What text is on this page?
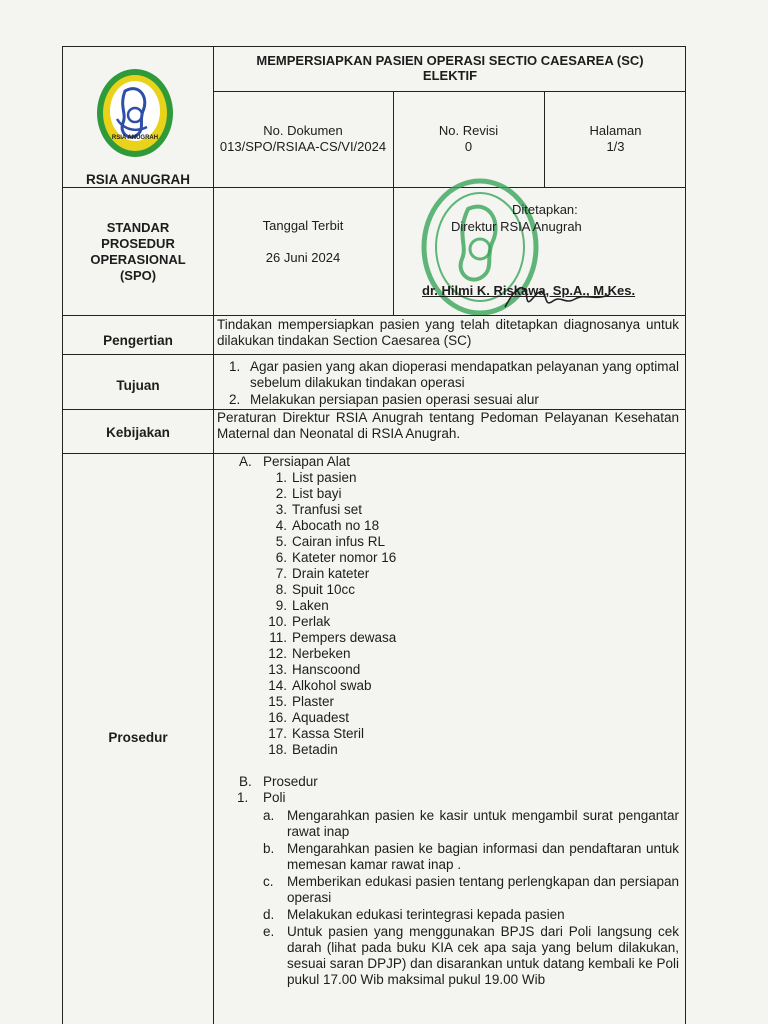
RSIA ANUGRAH
RSIA ANUGRAH
MEMPERSIAPKAN PASIEN OPERASI SECTIO CAESAREA (SC)
ELEKTIF
No. Dokumen
013/SPO/RSIAA-CS/VI/2024
No. Revisi
0
Halaman
1/3
STANDAR
PROSEDUR
OPERASIONAL
(SPO)
Tanggal Terbit
26 Juni 2024
Ditetapkan:
Direktur RSIA Anugrah
dr. Hilmi K. Riskawa, Sp.A., M.Kes.
Pengertian
Tindakan mempersiapkan pasien yang telah ditetapkan diagnosanya untuk dilakukan tindakan Section Caesarea (SC)
Tujuan
1. Agar pasien yang akan dioperasi mendapatkan pelayanan yang optimal sebelum dilakukan tindakan operasi
2. Melakukan persiapan pasien operasi sesuai alur
Kebijakan
Peraturan Direktur RSIA Anugrah tentang Pedoman Pelayanan Kesehatan Maternal dan Neonatal di RSIA Anugrah.
Prosedur
A. Persiapan Alat
1. List pasien
2. List bayi
3. Tranfusi set
4. Abocath no 18
5. Cairan infus RL
6. Kateter nomor 16
7. Drain kateter
8. Spuit 10cc
9. Laken
10. Perlak
11. Pempers dewasa
12. Nerbeken
13. Hanscoond
14. Alkohol swab
15. Plaster
16. Aquadest
17. Kassa Steril
18. Betadin
B. Prosedur
1.	Poli
a. Mengarahkan pasien ke kasir untuk mengambil surat pengantar rawat inap
b. Mengarahkan pasien ke bagian informasi dan pendaftaran untuk memesan kamar rawat inap .
c. Memberikan edukasi pasien tentang perlengkapan dan persiapan operasi
d. Melakukan edukasi terintegrasi kepada pasien
e. Untuk pasien yang menggunakan BPJS dari Poli langsung cek darah (lihat pada buku KIA cek apa saja yang belum dilakukan, sesuai saran DPJP) dan disarankan untuk datang kembali ke Poli pukul 17.00 Wib maksimal pukul 19.00 Wib
